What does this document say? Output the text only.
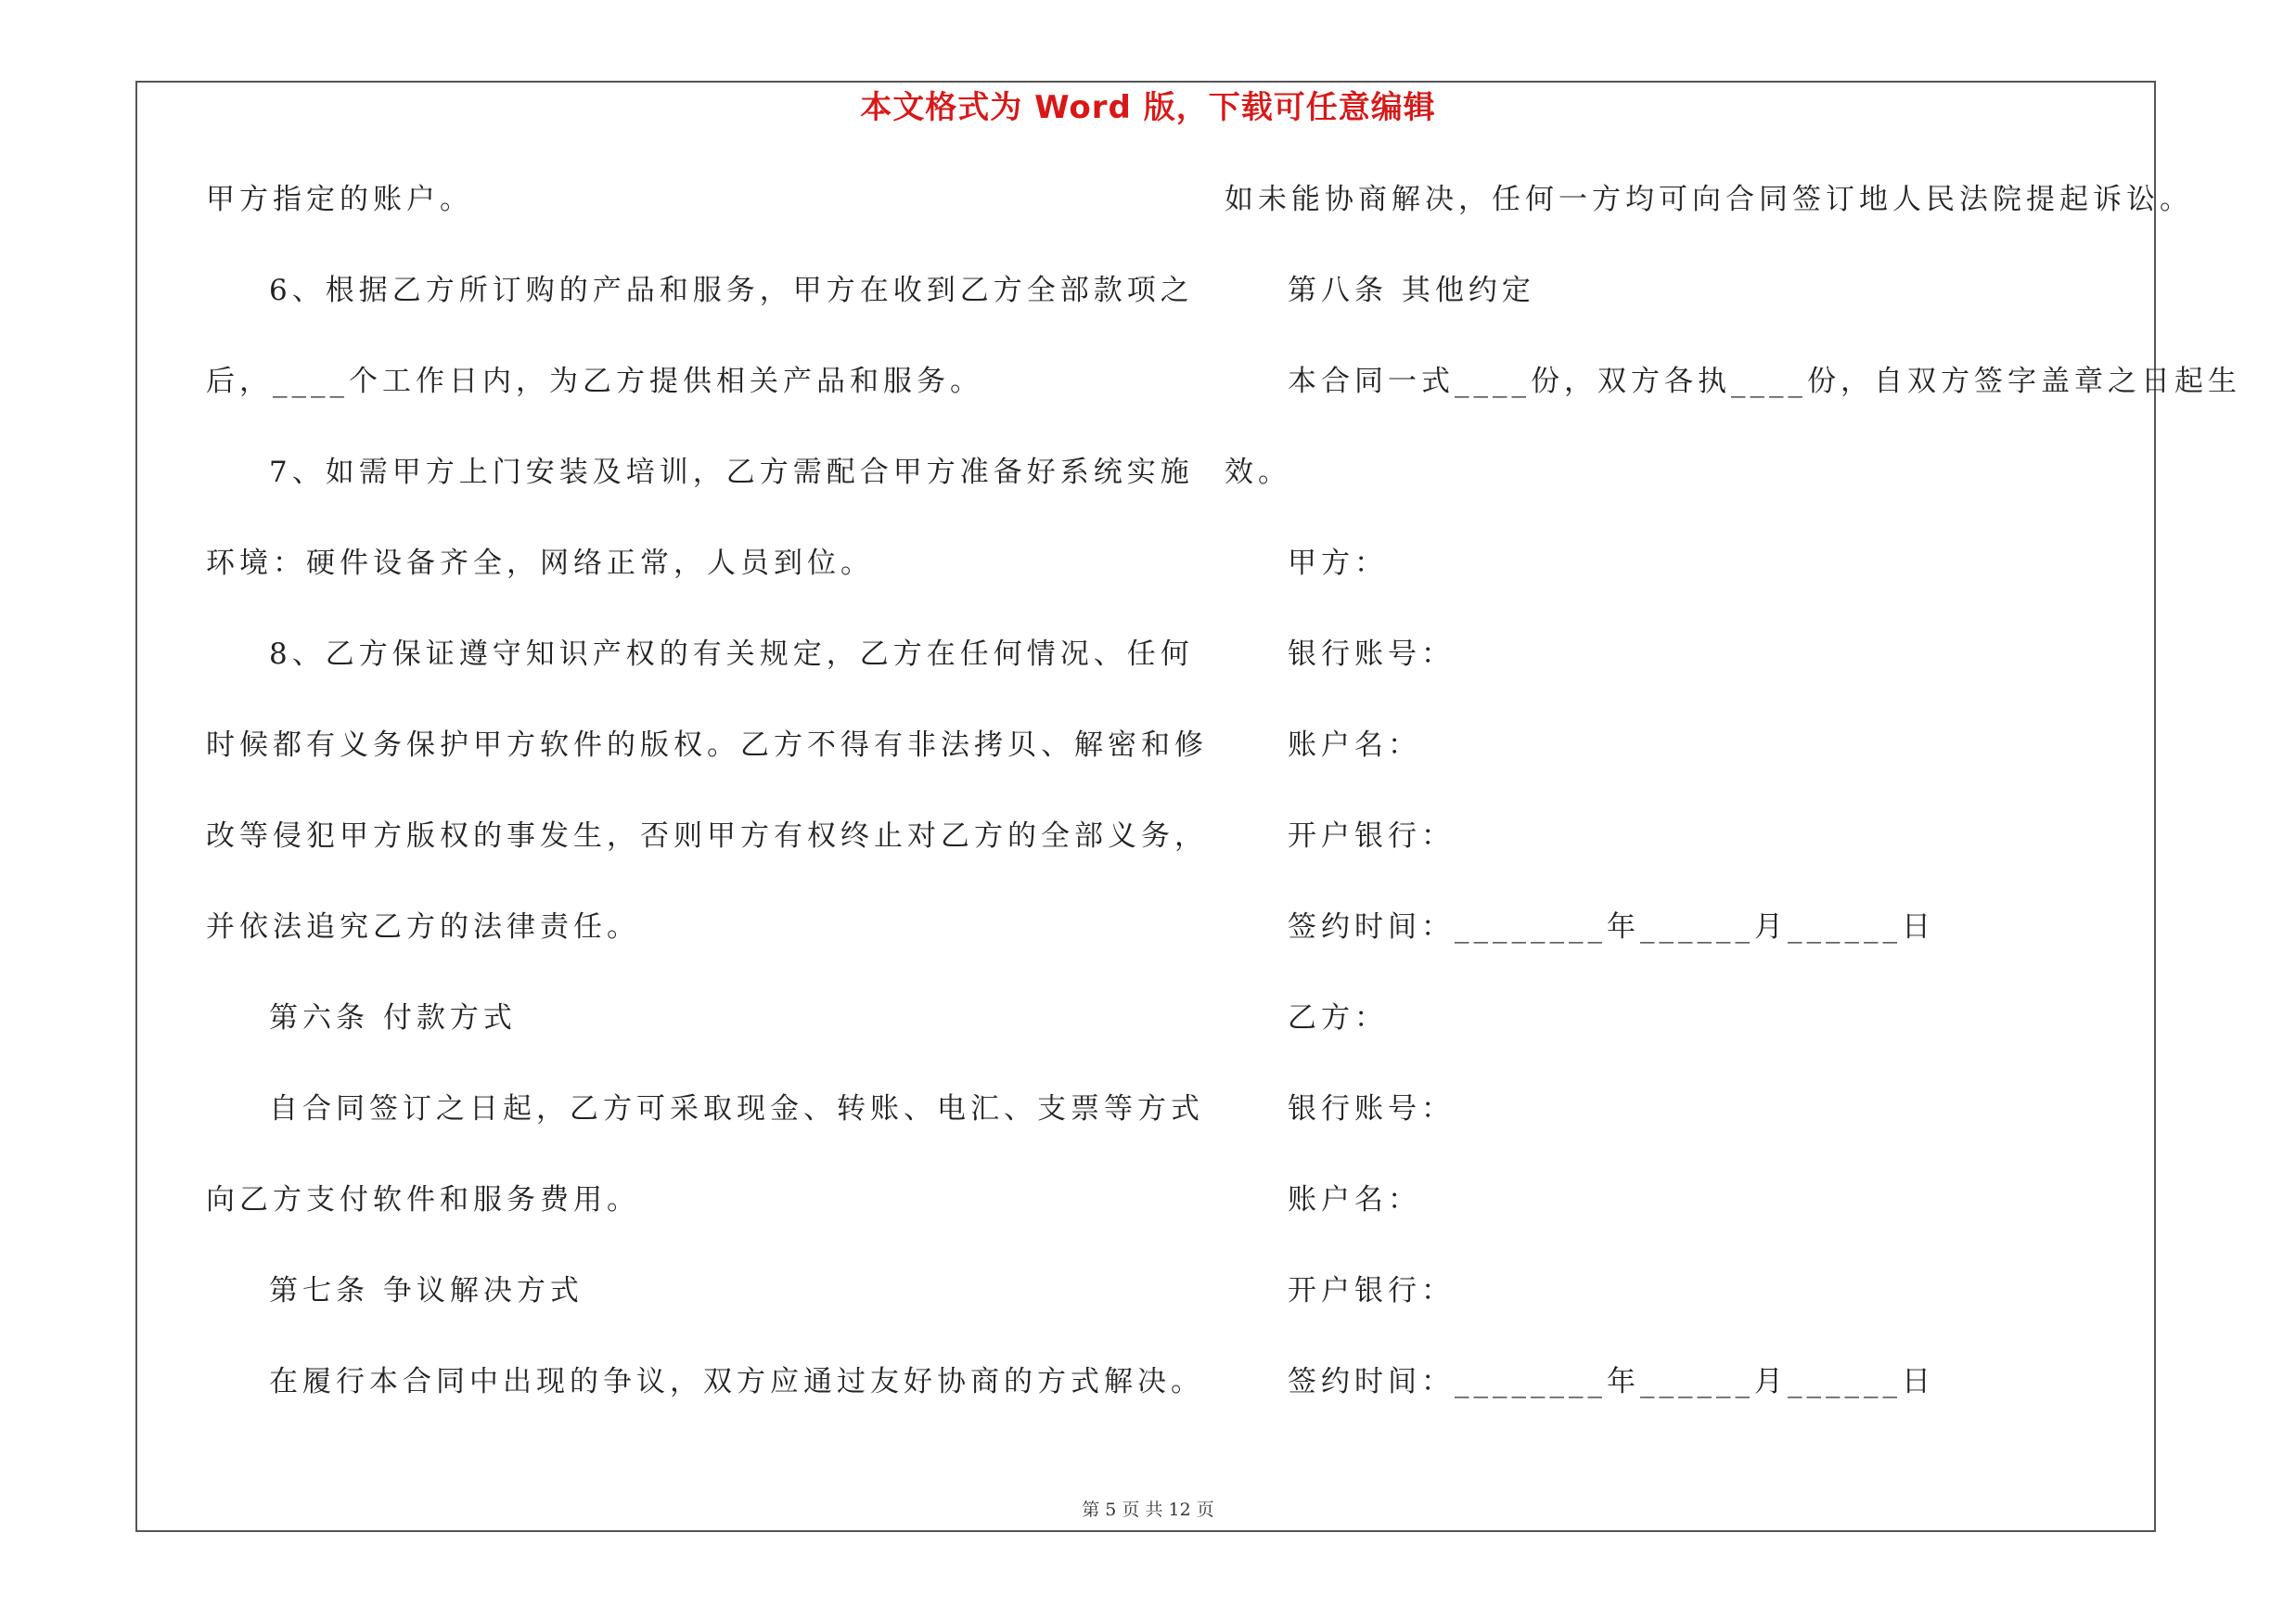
本文格式为 Word 版，下载可任意编辑
甲方指定的账户。
6、根据乙方所订购的产品和服务，甲方在收到乙方全部款项之
后，____个工作日内，为乙方提供相关产品和服务。
7、如需甲方上门安装及培训，乙方需配合甲方准备好系统实施
环境：硬件设备齐全，网络正常，人员到位。
8、乙方保证遵守知识产权的有关规定，乙方在任何情况、任何
时候都有义务保护甲方软件的版权。乙方不得有非法拷贝、解密和修
改等侵犯甲方版权的事发生，否则甲方有权终止对乙方的全部义务，
并依法追究乙方的法律责任。
第六条 付款方式
自合同签订之日起，乙方可采取现金、转账、电汇、支票等方式
向乙方支付软件和服务费用。
第七条 争议解决方式
在履行本合同中出现的争议，双方应通过友好协商的方式解决。
如未能协商解决，任何一方均可向合同签订地人民法院提起诉讼。
第八条 其他约定
本合同一式____份，双方各执____份，自双方签字盖章之日起生
效。
甲方：
银行账号：
账户名：
开户银行：
签约时间：________年______月______日
乙方：
银行账号：
账户名：
开户银行：
签约时间：________年______月______日
第 5 页 共 12 页
